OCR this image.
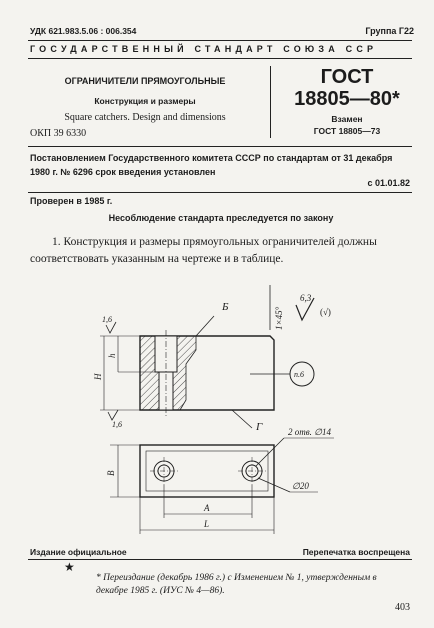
УДК 621.983.5.06 : 006.354	Группа Г22
ГОСУДАРСТВЕННЫЙ СТАНДАРТ СОЮЗА ССР
ОГРАНИЧИТЕЛИ ПРЯМОУГОЛЬНЫЕ
Конструкция и размеры
Square catchers. Design and dimensions
ОКП 39 6330
ГОСТ
18805—80*
Взамен
ГОСТ 18805—73
Постановлением Государственного комитета СССР по стандартам от 31 декабря 1980 г. № 6296 срок введения установлен
с 01.01.82
Проверен в 1985 г.
Несоблюдение стандарта преследуется по закону
1. Конструкция и размеры прямоугольных ограничителей должны соответствовать указанным на чертеже и в таблице.
6,3
(√)
1×45°
Б
H
h
1,6
1,6
п.6
Г	2 отв. ∅14
∅20
B
A
L
Издание официальное	Перепечатка воспрещена
★
* Переиздание (декабрь 1986 г.) с Изменением № 1, утвержденным в декабре 1985 г. (ИУС № 4—86).
403
